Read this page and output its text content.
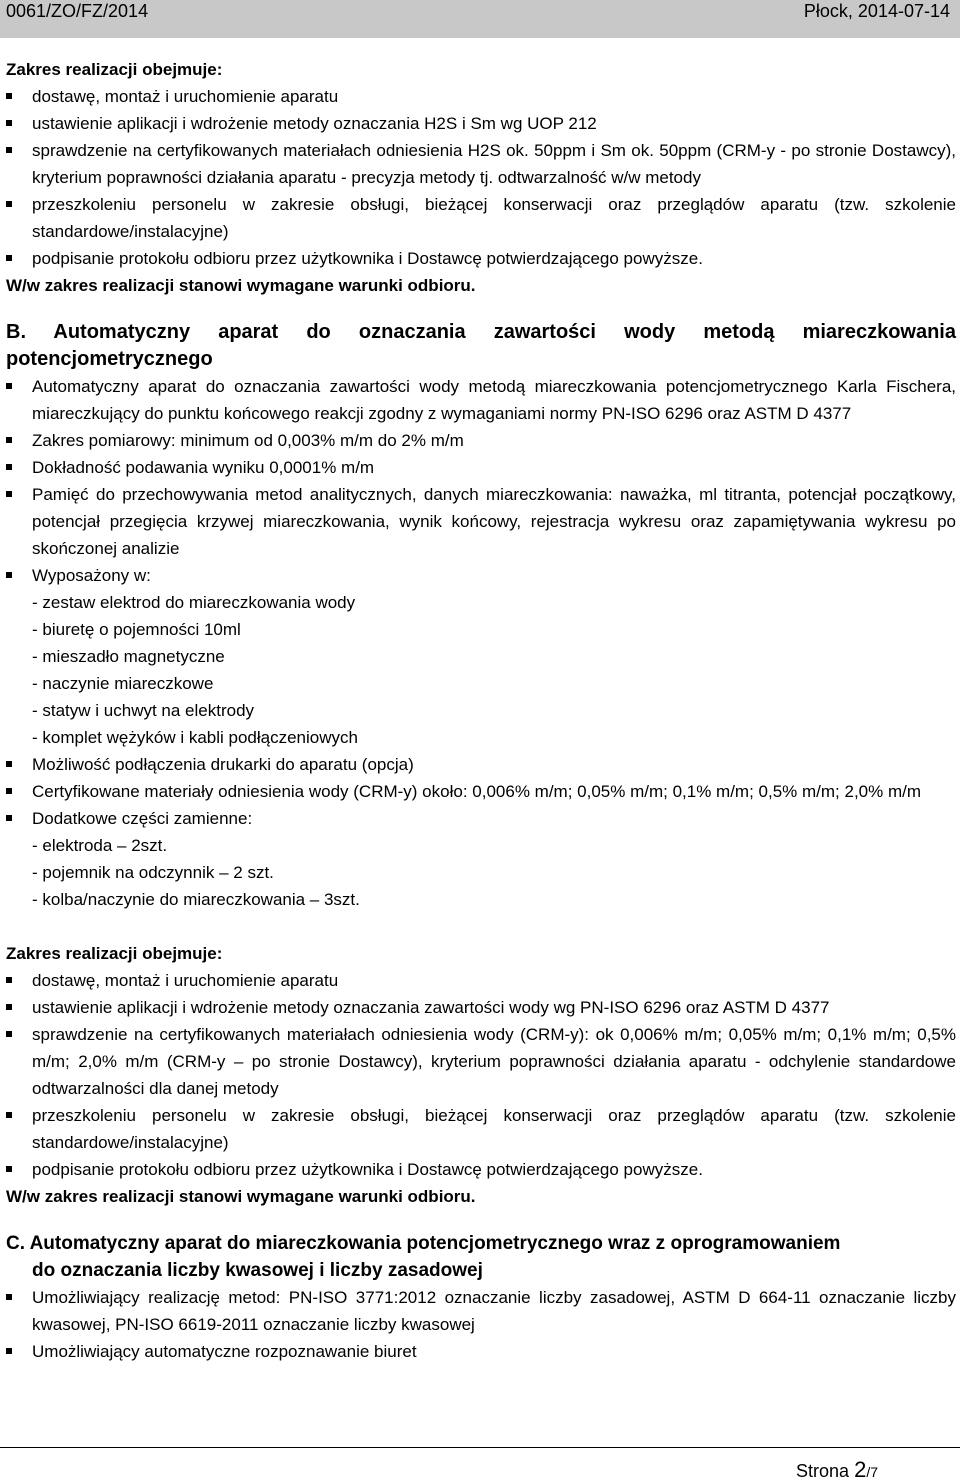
0061/ZO/FZ/2014	Płock, 2014-07-14
Zakres realizacji obejmuje:
dostawę, montaż i uruchomienie aparatu
ustawienie aplikacji i wdrożenie metody oznaczania H2S i Sm wg UOP 212
sprawdzenie na certyfikowanych materiałach odniesienia H2S ok. 50ppm i Sm ok. 50ppm (CRM-y - po stronie Dostawcy), kryterium poprawności działania aparatu - precyzja metody tj. odtwarzalność w/w metody
przeszkoleniu personelu w zakresie obsługi, bieżącej konserwacji oraz przeglądów aparatu (tzw. szkolenie standardowe/instalacyjne)
podpisanie protokołu odbioru przez użytkownika i Dostawcę potwierdzającego powyższe.
W/w zakres realizacji stanowi wymagane warunki odbioru.
B. Automatyczny aparat do oznaczania zawartości wody metodą miareczkowania
potencjometrycznego
Automatyczny aparat do oznaczania zawartości wody metodą miareczkowania potencjometrycznego Karla Fischera, miareczkujący do punktu końcowego reakcji zgodny z wymaganiami normy PN-ISO 6296 oraz ASTM D 4377
Zakres pomiarowy: minimum od 0,003% m/m do 2% m/m
Dokładność podawania wyniku 0,0001% m/m
Pamięć do przechowywania metod analitycznych, danych miareczkowania: naważka, ml titranta, potencjał początkowy, potencjał przegięcia krzywej miareczkowania, wynik końcowy, rejestracja wykresu oraz zapamiętywania wykresu po skończonej analizie
Wyposażony w:
- zestaw elektrod do miareczkowania wody
- biuretę o pojemności 10ml
- mieszadło magnetyczne
- naczynie miareczkowe
- statyw i uchwyt na elektrody
- komplet wężyków i kabli podłączeniowych
Możliwość podłączenia drukarki do aparatu (opcja)
Certyfikowane materiały odniesienia wody (CRM-y) około: 0,006% m/m; 0,05% m/m; 0,1% m/m; 0,5% m/m; 2,0% m/m
Dodatkowe części zamienne:
- elektroda – 2szt.
- pojemnik na odczynnik – 2 szt.
- kolba/naczynie do miareczkowania – 3szt.
Zakres realizacji obejmuje:
dostawę, montaż i uruchomienie aparatu
ustawienie aplikacji i wdrożenie metody oznaczania zawartości wody wg PN-ISO 6296 oraz ASTM D 4377
sprawdzenie na certyfikowanych materiałach odniesienia wody (CRM-y): ok 0,006% m/m; 0,05% m/m; 0,1% m/m; 0,5% m/m; 2,0% m/m (CRM-y – po stronie Dostawcy), kryterium poprawności działania aparatu - odchylenie standardowe odtwarzalności dla danej metody
przeszkoleniu personelu w zakresie obsługi, bieżącej konserwacji oraz przeglądów aparatu (tzw. szkolenie standardowe/instalacyjne)
podpisanie protokołu odbioru przez użytkownika i Dostawcę potwierdzającego powyższe.
W/w zakres realizacji stanowi wymagane warunki odbioru.
C. Automatyczny aparat do miareczkowania potencjometrycznego wraz z oprogramowaniem
do oznaczania liczby kwasowej i liczby zasadowej
Umożliwiający realizację metod: PN-ISO 3771:2012 oznaczanie liczby zasadowej, ASTM D 664-11 oznaczanie liczby kwasowej, PN-ISO 6619-2011 oznaczanie liczby kwasowej
Umożliwiający automatyczne rozpoznawanie biuret
Strona 2/7
